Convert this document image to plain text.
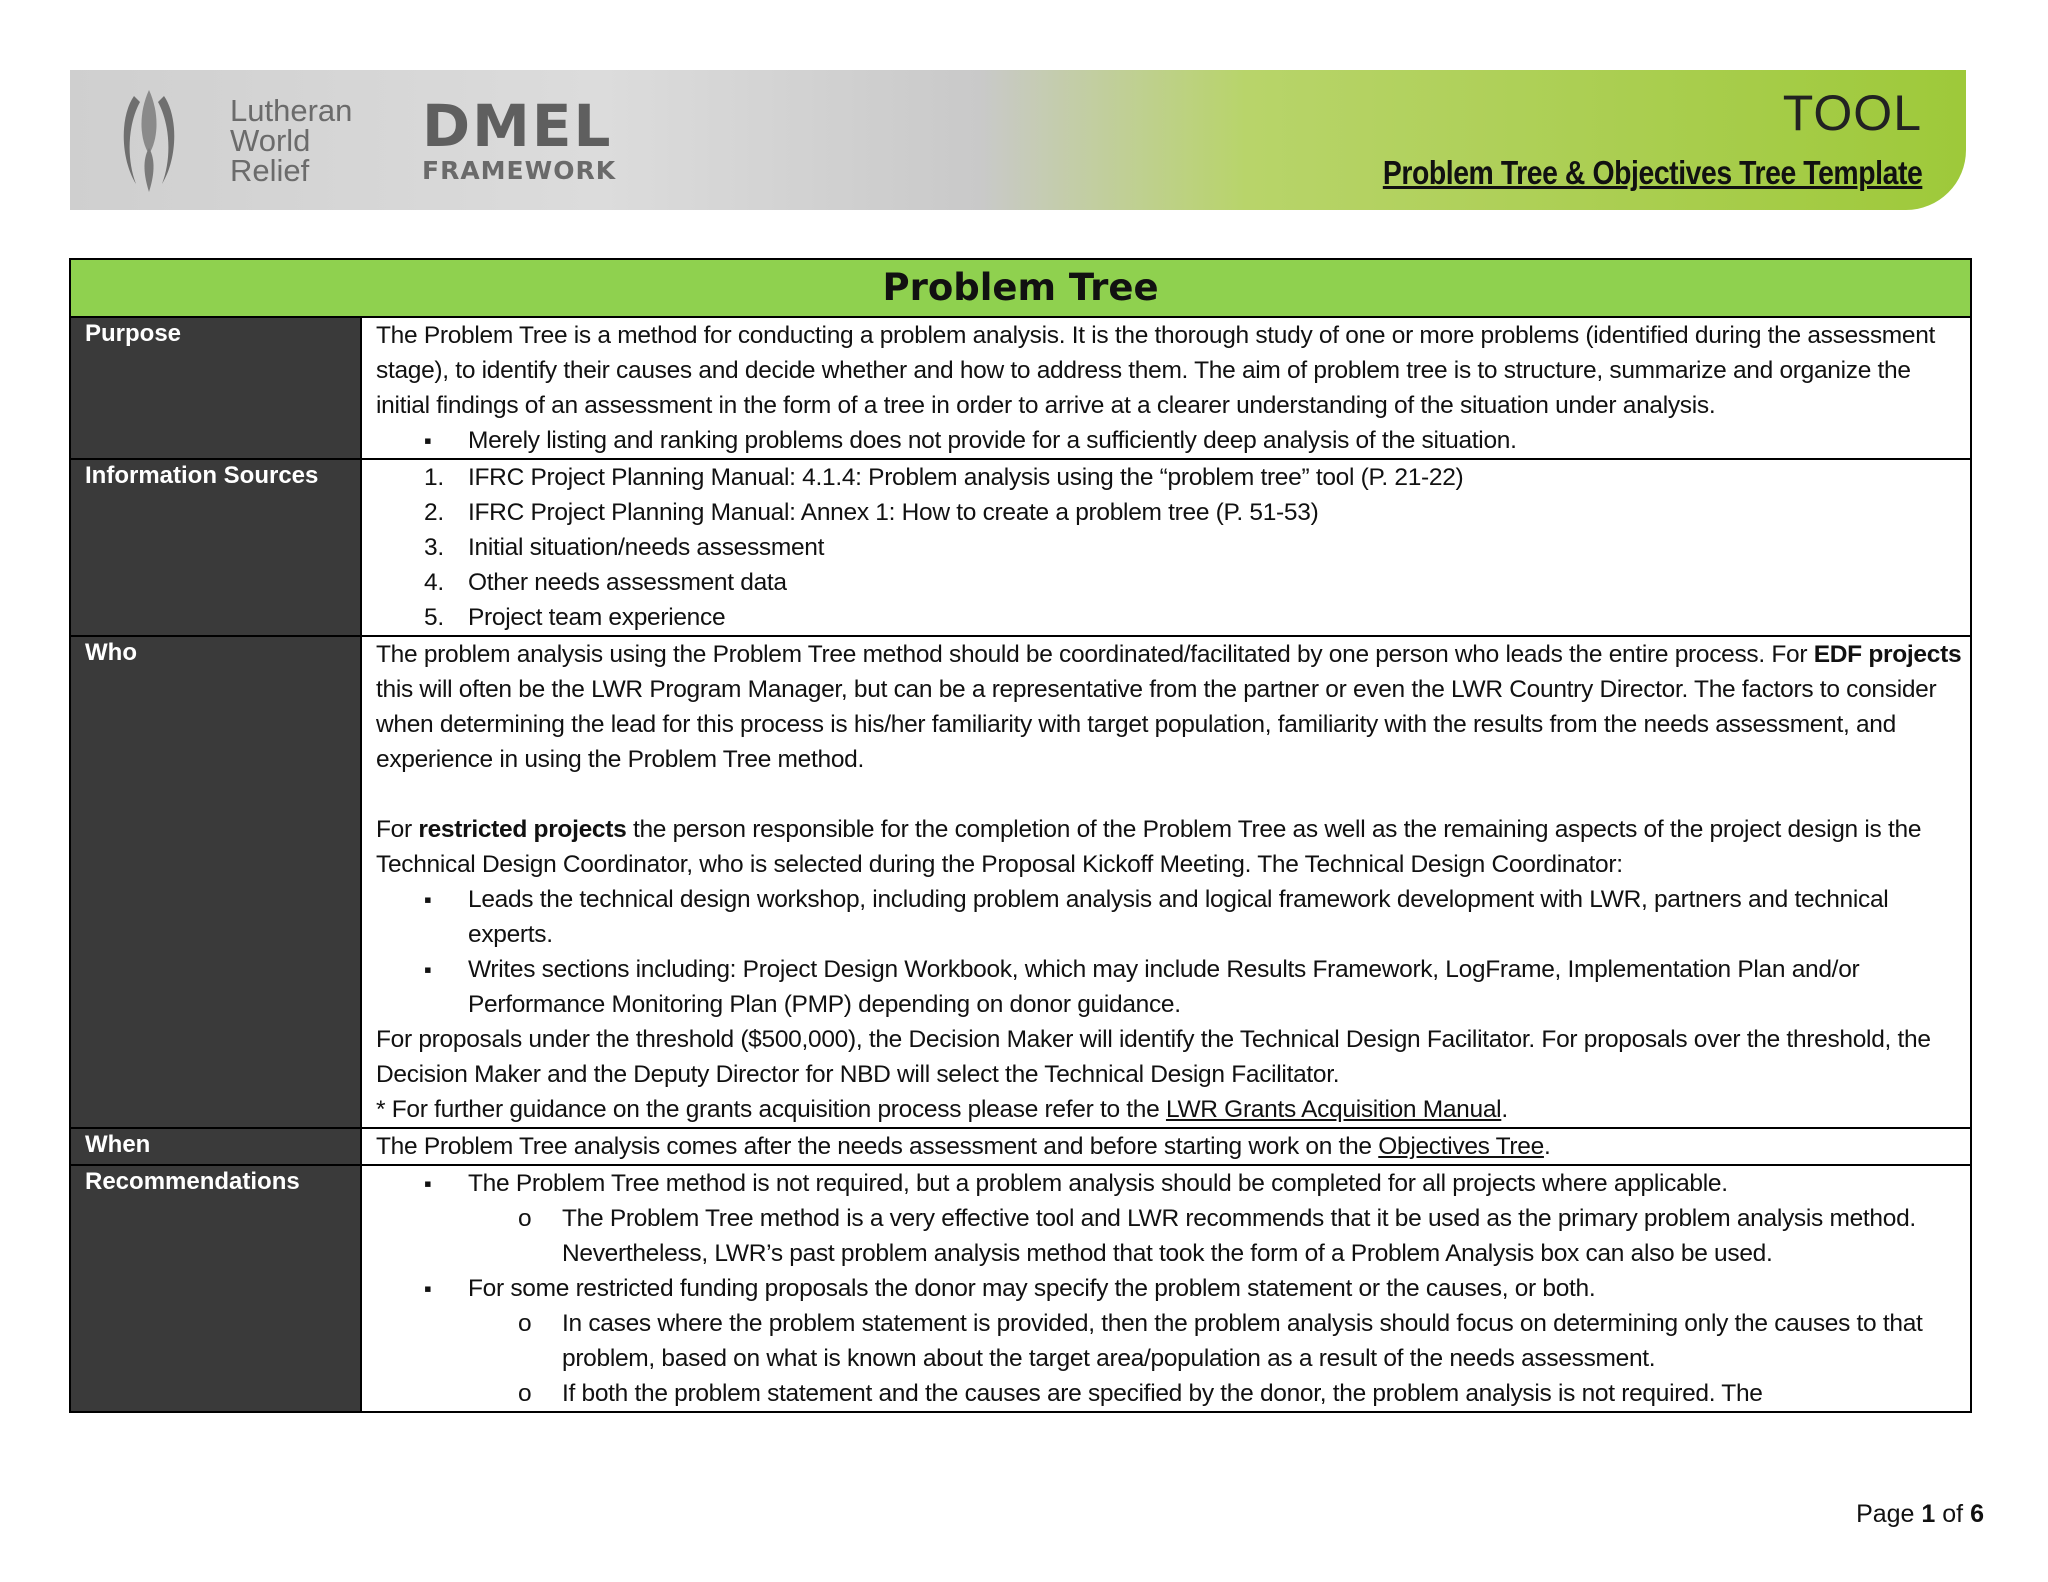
Lutheran
World
Relief
DMEL
FRAMEWORK
TOOL
Problem Tree & Objectives Tree Template
Problem Tree
Purpose	The Problem Tree is a method for conducting a problem analysis. It is the thorough study of one or more problems (identified during the assessment stage), to identify their causes and decide whether and how to address them. The aim of problem tree is to structure, summarize and organize the initial findings of an assessment in the form of a tree in order to arrive at a clearer understanding of the situation under analysis.

▪ Merely listing and ranking problems does not provide for a sufficiently deep analysis of the situation.

Information Sources	1. IFRC Project Planning Manual: 4.1.4: Problem analysis using the “problem tree” tool (P. 21-22)

2. IFRC Project Planning Manual: Annex 1: How to create a problem tree (P. 51-53)

3. Initial situation/needs assessment

4. Other needs assessment data

5. Project team experience

Who	The problem analysis using the Problem Tree method should be coordinated/facilitated by one person who leads the entire process. For EDF projects this will often be the LWR Program Manager, but can be a representative from the partner or even the LWR Country Director. The factors to consider when determining the lead for this process is his/her familiarity with target population, familiarity with the results from the needs assessment, and experience in using the Problem Tree method.

For restricted projects the person responsible for the completion of the Problem Tree as well as the remaining aspects of the project design is the Technical Design Coordinator, who is selected during the Proposal Kickoff Meeting. The Technical Design Coordinator:

▪ Leads the technical design workshop, including problem analysis and logical framework development with LWR, partners and technical experts.

▪ Writes sections including: Project Design Workbook, which may include Results Framework, LogFrame, Implementation Plan and/or Performance Monitoring Plan (PMP) depending on donor guidance.

For proposals under the threshold ($500,000), the Decision Maker will identify the Technical Design Facilitator. For proposals over the threshold, the Decision Maker and the Deputy Director for NBD will select the Technical Design Facilitator.

* For further guidance on the grants acquisition process please refer to the LWR Grants Acquisition Manual.

When	The Problem Tree analysis comes after the needs assessment and before starting work on the Objectives Tree.

Recommendations

▪	The Problem Tree method is not required, but a problem analysis should be completed for all projects where applicable.

o The Problem Tree method is a very effective tool and LWR recommends that it be used as the primary problem analysis method. Nevertheless, LWR’s past problem analysis method that took the form of a Problem Analysis box can also be used.

▪ For some restricted funding proposals the donor may specify the problem statement or the causes, or both.

o In cases where the problem statement is provided, then the problem analysis should focus on determining only the causes to that problem, based on what is known about the target area/population as a result of the needs assessment.

o If both the problem statement and the causes are specified by the donor, the problem analysis is not required. The

Page 1 of 6
